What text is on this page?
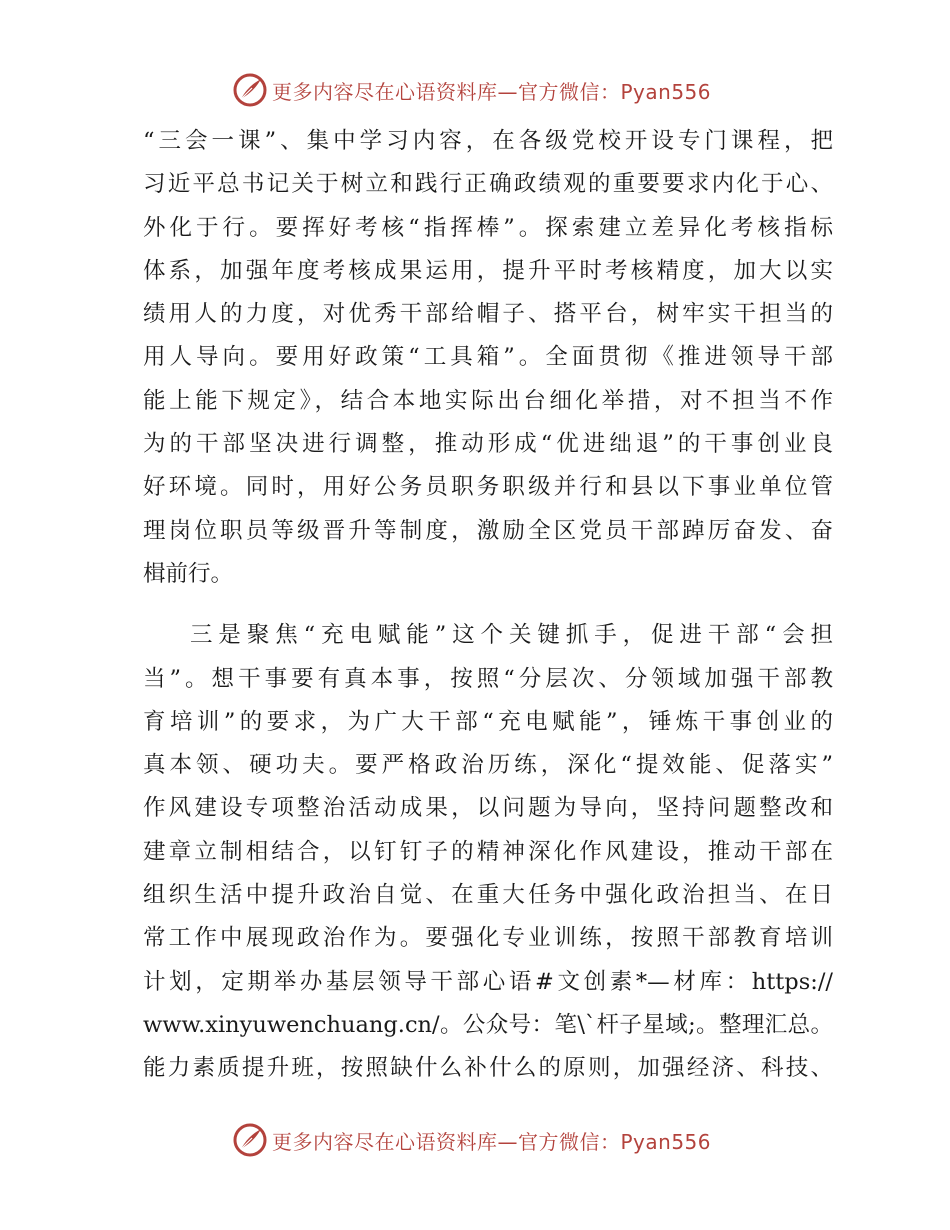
更多内容尽在心语资料库—官方微信：Pyan556
“三会一课”、集中学习内容，在各级党校开设专门课程，把
习近平总书记关于树立和践行正确政绩观的重要要求内化于心、
外化于行。要挥好考核“指挥棒”。探索建立差异化考核指标
体系，加强年度考核成果运用，提升平时考核精度，加大以实
绩用人的力度，对优秀干部给帽子、搭平台，树牢实干担当的
用人导向。要用好政策“工具箱”。全面贯彻《推进领导干部
能上能下规定》，结合本地实际出台细化举措，对不担当不作
为的干部坚决进行调整，推动形成“优进绌退”的干事创业良
好环境。同时，用好公务员职务职级并行和县以下事业单位管
理岗位职员等级晋升等制度，激励全区党员干部踔厉奋发、奋
楫前行。
三是聚焦“充电赋能”这个关键抓手，促进干部“会担
当”。想干事要有真本事，按照“分层次、分领域加强干部教
育培训”的要求，为广大干部“充电赋能”，锤炼干事创业的
真本领、硬功夫。要严格政治历练，深化“提效能、促落实”
作风建设专项整治活动成果，以问题为导向，坚持问题整改和
建章立制相结合，以钉钉子的精神深化作风建设，推动干部在
组织生活中提升政治自觉、在重大任务中强化政治担当、在日
常工作中展现政治作为。要强化专业训练，按照干部教育培训
计划，定期举办基层领导干部心语#文创素*—材库：https://
www.xinyuwenchuang.cn/。公众号：笔\`杆子星域;。整理汇总。
能力素质提升班，按照缺什么补什么的原则，加强经济、科技、
更多内容尽在心语资料库—官方微信：Pyan556
